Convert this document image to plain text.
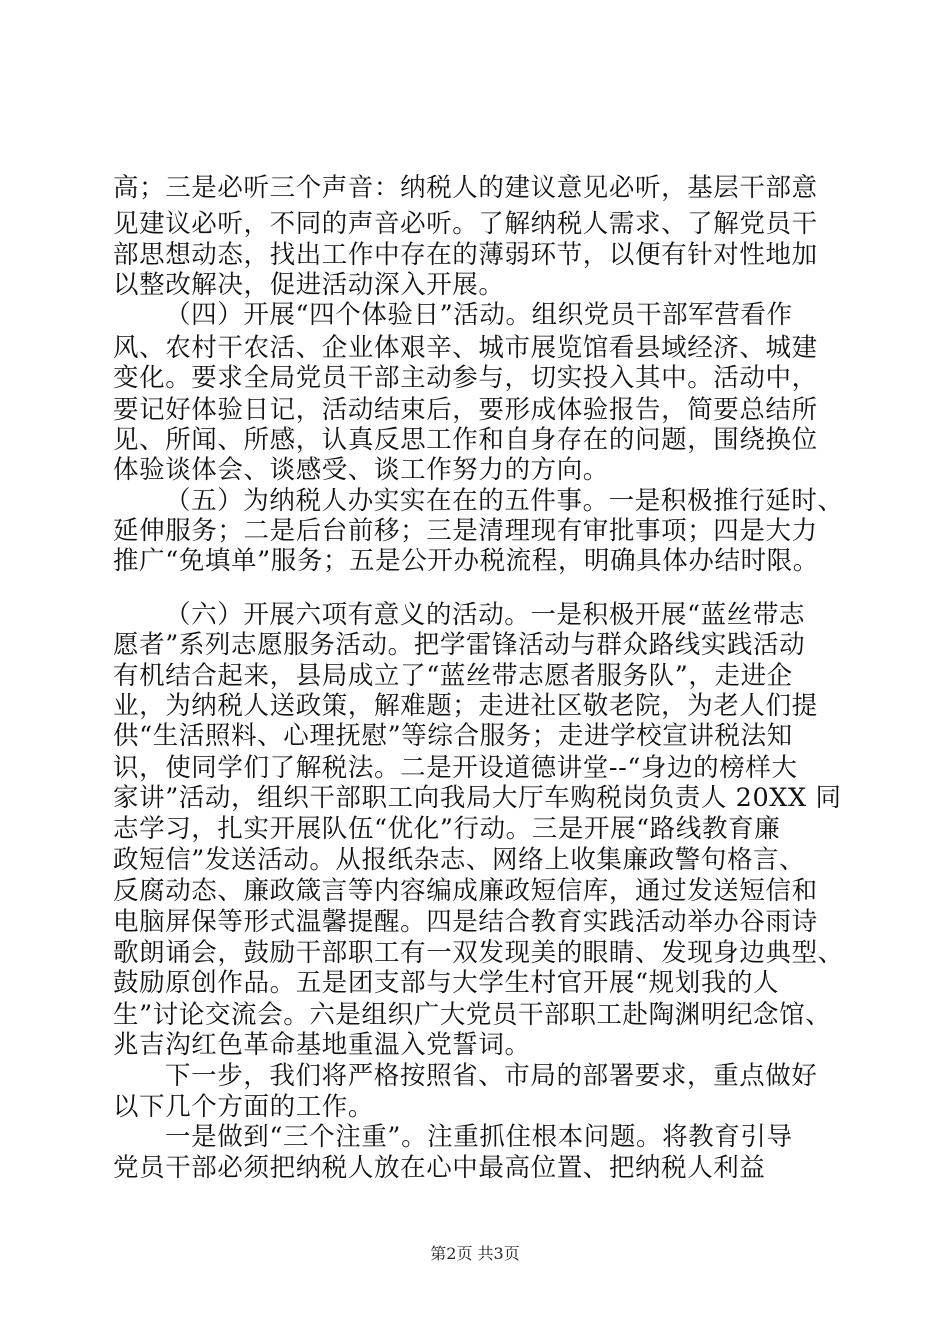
高；三是必听三个声音：纳税人的建议意见必听，基层干部意
见建议必听，不同的声音必听。了解纳税人需求、了解党员干
部思想动态，找出工作中存在的薄弱环节，以便有针对性地加
以整改解决，促进活动深入开展。
（四）开展“四个体验日”活动。组织党员干部军营看作
风、农村干农活、企业体艰辛、城市展览馆看县域经济、城建
变化。要求全局党员干部主动参与，切实投入其中。活动中，
要记好体验日记，活动结束后，要形成体验报告，简要总结所
见、所闻、所感，认真反思工作和自身存在的问题，围绕换位
体验谈体会、谈感受、谈工作努力的方向。
（五）为纳税人办实实在在的五件事。一是积极推行延时、
延伸服务；二是后台前移；三是清理现有审批事项；四是大力
推广“免填单”服务；五是公开办税流程，明确具体办结时限。
（六）开展六项有意义的活动。一是积极开展“蓝丝带志
愿者”系列志愿服务活动。把学雷锋活动与群众路线实践活动
有机结合起来，县局成立了“蓝丝带志愿者服务队”，走进企
业，为纳税人送政策，解难题；走进社区敬老院，为老人们提
供“生活照料、心理抚慰”等综合服务；走进学校宣讲税法知
识，使同学们了解税法。二是开设道德讲堂--“身边的榜样大
家讲”活动，组织干部职工向我局大厅车购税岗负责人 20XX 同
志学习，扎实开展队伍“优化”行动。三是开展“路线教育廉
政短信”发送活动。从报纸杂志、网络上收集廉政警句格言、
反腐动态、廉政箴言等内容编成廉政短信库，通过发送短信和
电脑屏保等形式温馨提醒。四是结合教育实践活动举办谷雨诗
歌朗诵会，鼓励干部职工有一双发现美的眼睛、发现身边典型、
鼓励原创作品。五是团支部与大学生村官开展“规划我的人
生”讨论交流会。六是组织广大党员干部职工赴陶渊明纪念馆、
兆吉沟红色革命基地重温入党誓词。
下一步，我们将严格按照省、市局的部署要求，重点做好
以下几个方面的工作。
一是做到“三个注重”。注重抓住根本问题。将教育引导
党员干部必须把纳税人放在心中最高位置、把纳税人利益
第2页 共3页
